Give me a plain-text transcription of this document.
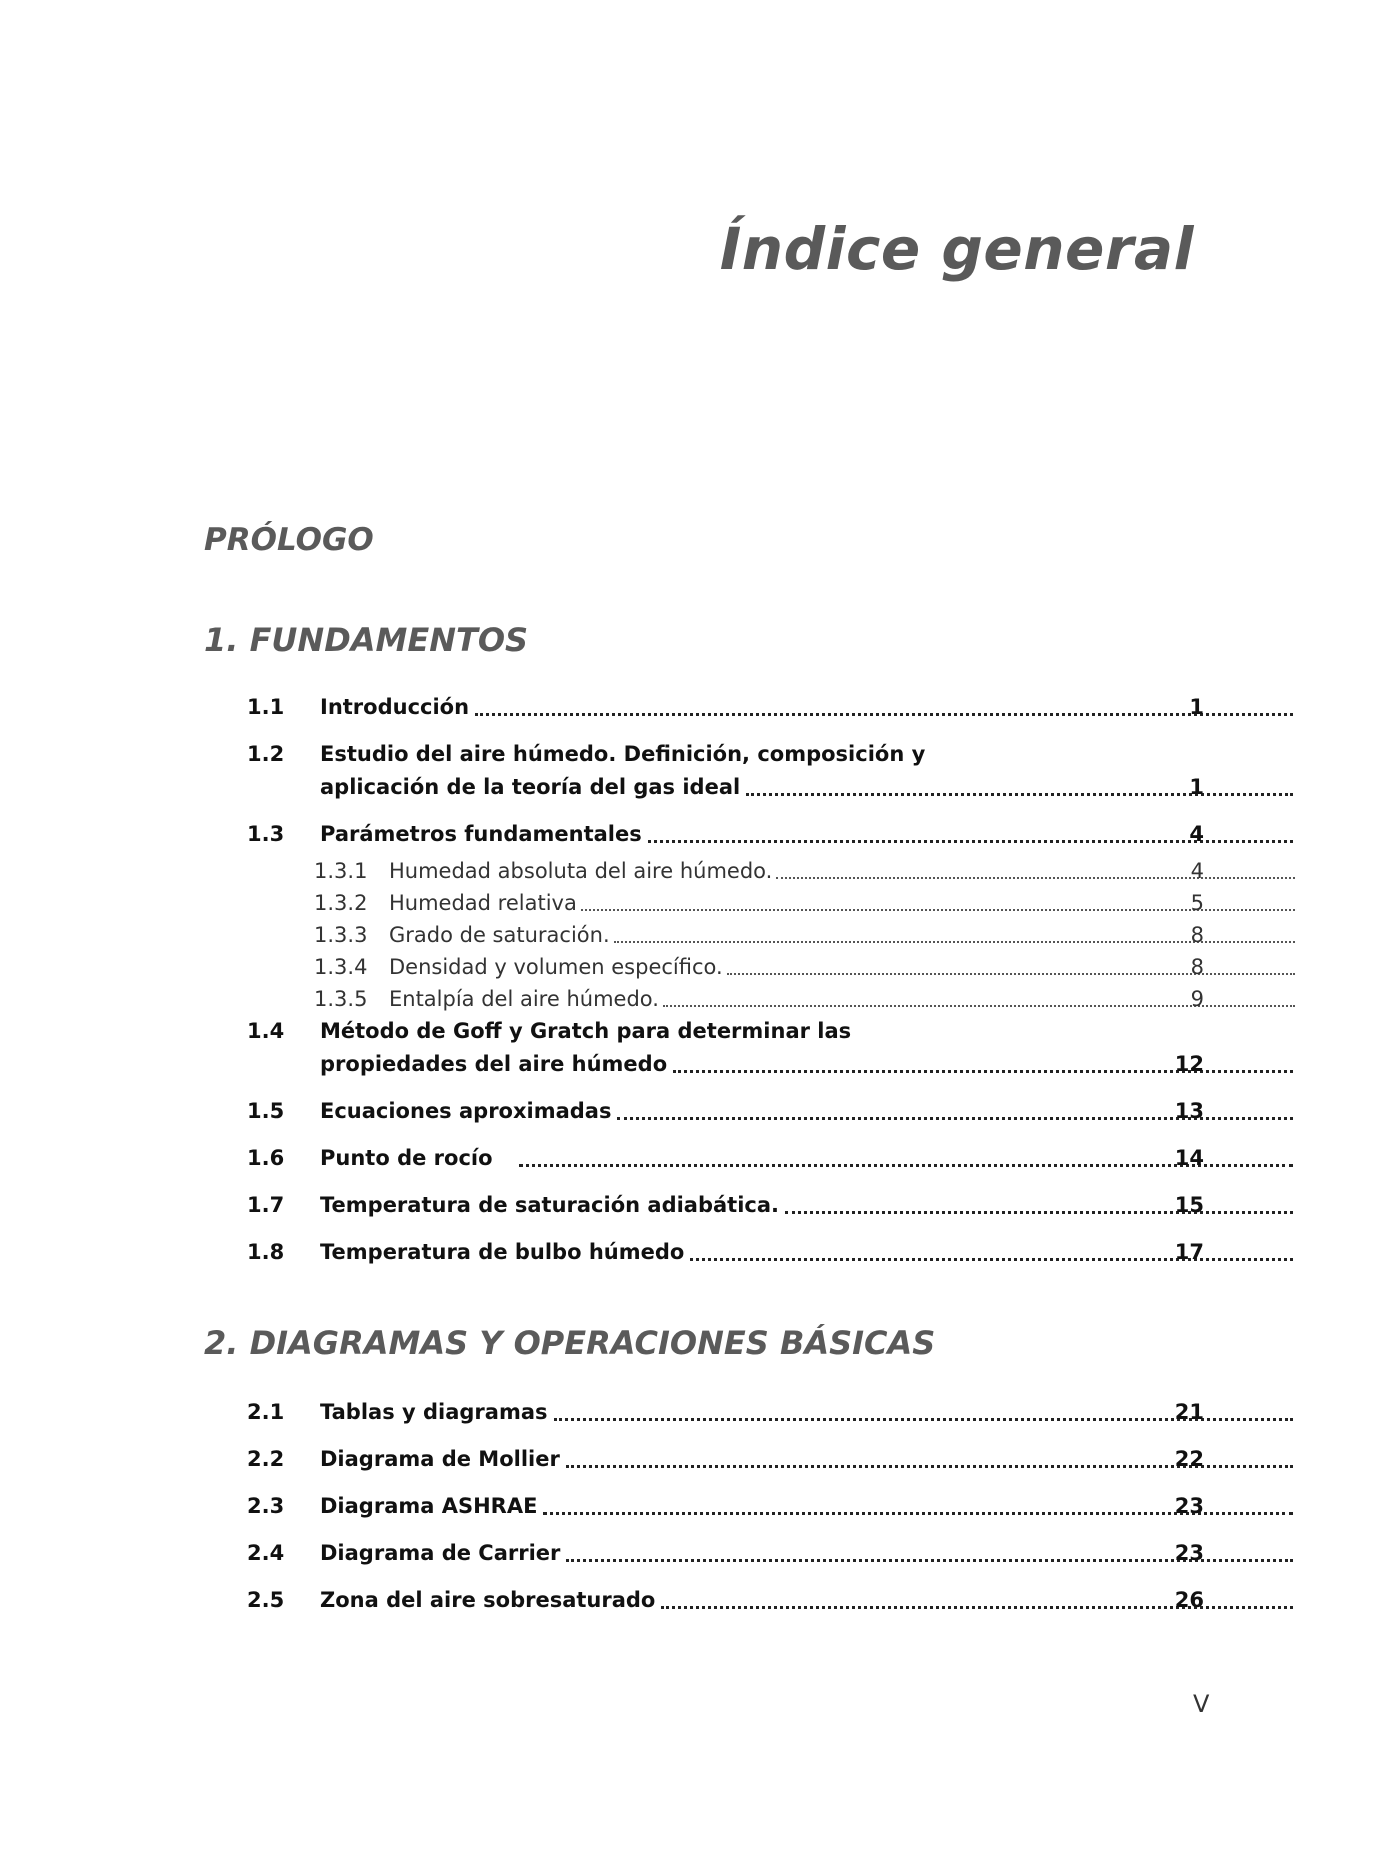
Índice general
PRÓLOGO
1. FUNDAMENTOS
1.1 Introducción	1
1.2 Estudio del aire húmedo. Definición, composición y
aplicación de la teoría del gas ideal	1
1.3 Parámetros fundamentales	4
1.3.1 Humedad absoluta del aire húmedo.	4
1.3.2 Humedad relativa	5
1.3.3 Grado de saturación.	8
1.3.4 Densidad y volumen específico.	8
1.3.5 Entalpía del aire húmedo.	9
1.4 Método de Goff y Gratch para determinar las
propiedades del aire húmedo	12
1.5 Ecuaciones aproximadas	13
1.6 Punto de rocío	14
1.7 Temperatura de saturación adiabática.	15
1.8 Temperatura de bulbo húmedo	17
2. DIAGRAMAS Y OPERACIONES BÁSICAS
2.1 Tablas y diagramas	21
2.2 Diagrama de Mollier	22
2.3 Diagrama ASHRAE	23
2.4 Diagrama de Carrier	23
2.5 Zona del aire sobresaturado	26
V
